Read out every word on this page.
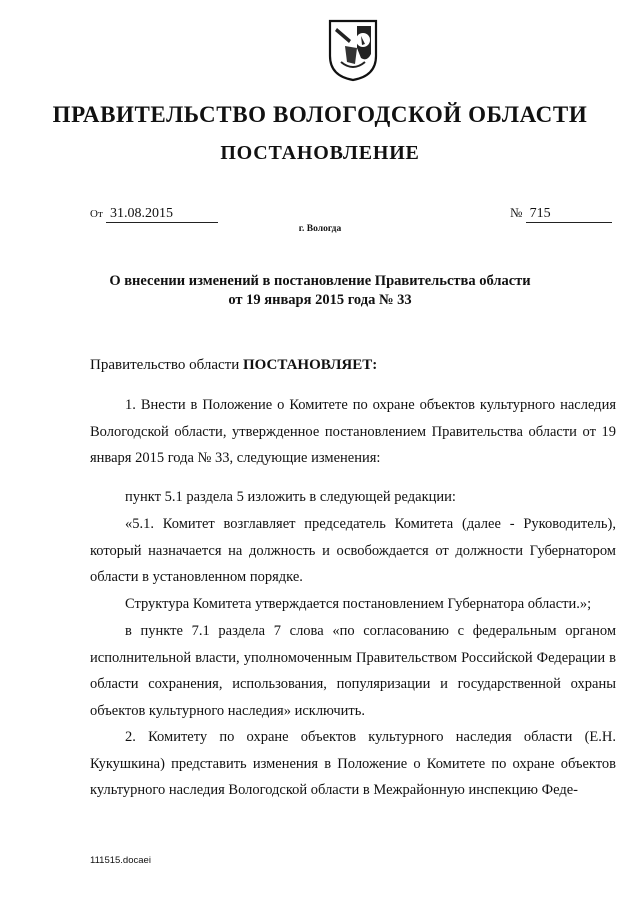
ПРАВИТЕЛЬСТВО ВОЛОГОДСКОЙ ОБЛАСТИ
ПОСТАНОВЛЕНИЕ
От 31.08.2015	№ 715
г. Вологда
О внесении изменений в постановление Правительства области
от 19 января 2015 года № 33
Правительство области ПОСТАНОВЛЯЕТ:

1. Внести в Положение о Комитете по охране объектов культурного наследия Вологодской области, утвержденное постановлением Правительства области от 19 января 2015 года № 33, следующие изменения:

пункт 5.1 раздела 5 изложить в следующей редакции:

«5.1. Комитет возглавляет председатель Комитета (далее - Руководитель), который назначается на должность и освобождается от должности Губернатором области в установленном порядке.

Структура Комитета утверждается постановлением Губернатора области.»;

в пункте 7.1 раздела 7 слова «по согласованию с федеральным органом исполнительной власти, уполномоченным Правительством Российской Федерации в области сохранения, использования, популяризации и государственной охраны объектов культурного наследия» исключить.

2. Комитету по охране объектов культурного наследия области (Е.Н. Кукушкина) представить изменения в Положение о Комитете по охране объектов культурного наследия Вологодской области в Межрайонную инспекцию Феде-

111515.docaei
